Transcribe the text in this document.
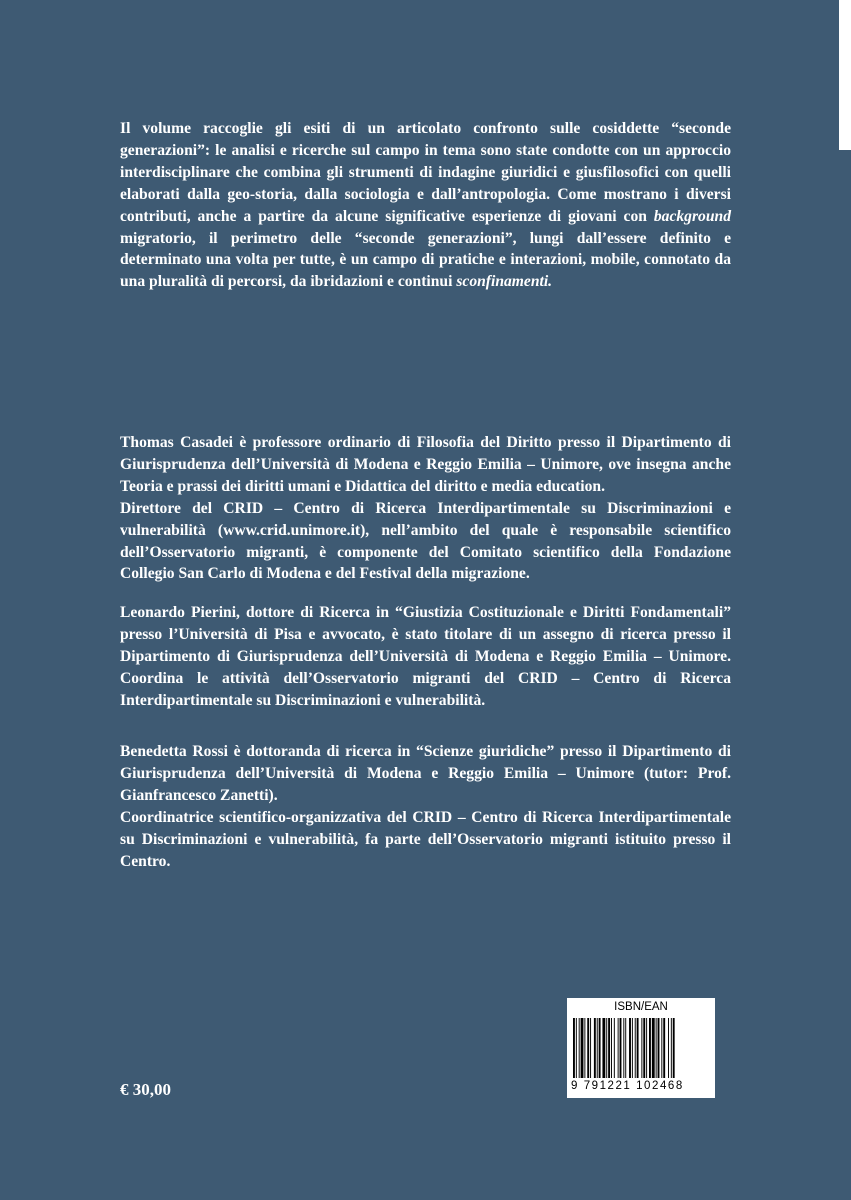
Il volume raccoglie gli esiti di un articolato confronto sulle cosiddette “seconde generazioni”: le analisi e ricerche sul campo in tema sono state condotte con un approccio interdisciplinare che combina gli strumenti di indagine giuridici e giusfilosofici con quelli elaborati dalla geo-storia, dalla sociologia e dall’antropologia. Come mostrano i diversi contributi, anche a partire da alcune significative esperienze di giovani con background migratorio, il perimetro delle “seconde generazioni”, lungi dall’essere definito e determinato una volta per tutte, è un campo di pratiche e interazioni, mobile, connotato da una pluralità di percorsi, da ibridazioni e continui sconfinamenti.

Thomas Casadei è professore ordinario di Filosofia del Diritto presso il Dipartimento di Giurisprudenza dell’Università di Modena e Reggio Emilia – Unimore, ove insegna anche Teoria e prassi dei diritti umani e Didattica del diritto e media education.

Direttore del CRID – Centro di Ricerca Interdipartimentale su Discriminazioni e vulnerabilità (www.crid.unimore.it), nell’ambito del quale è responsabile scientifico dell’Osservatorio migranti, è componente del Comitato scientifico della Fondazione Collegio San Carlo di Modena e del Festival della migrazione.

Leonardo Pierini, dottore di Ricerca in “Giustizia Costituzionale e Diritti Fondamentali” presso l’Università di Pisa e avvocato, è stato titolare di un assegno di ricerca presso il Dipartimento di Giurisprudenza dell’Università di Modena e Reggio Emilia – Unimore. Coordina le attività dell’Osservatorio migranti del CRID – Centro di Ricerca Interdipartimentale su Discriminazioni e vulnerabilità.

Benedetta Rossi è dottoranda di ricerca in “Scienze giuridiche” presso il Dipartimento di Giurisprudenza dell’Università di Modena e Reggio Emilia – Unimore (tutor: Prof. Gianfrancesco Zanetti).

Coordinatrice scientifico-organizzativa del CRID – Centro di Ricerca Interdipartimentale su Discriminazioni e vulnerabilità, fa parte dell’Osservatorio migranti istituito presso il Centro.

€ 30,00
ISBN/EAN
9 791221 102468
